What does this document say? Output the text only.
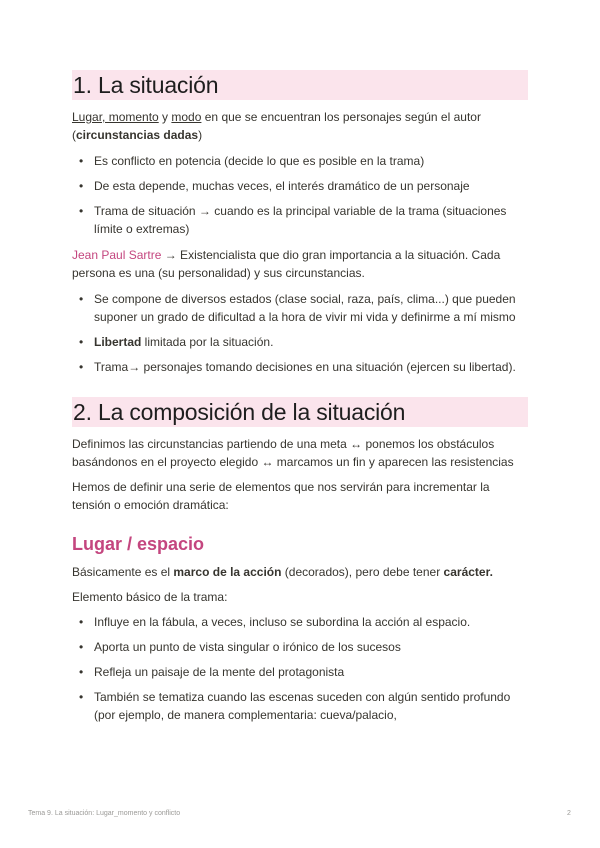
1. La situación

Lugar, momento y modo en que se encuentran los personajes según el autor (circunstancias dadas)

• Es conflicto en potencia (decide lo que es posible en la trama)
• De esta depende, muchas veces, el interés dramático de un personaje
• Trama de situación → cuando es la principal variable de la trama (situaciones límite o extremas)

Jean Paul Sartre → Existencialista que dio gran importancia a la situación. Cada persona es una (su personalidad) y sus circunstancias.

• Se compone de diversos estados (clase social, raza, país, clima...) que pueden suponer un grado de dificultad a la hora de vivir mi vida y definirme a mí mismo
• Libertad limitada por la situación.
• Trama→ personajes tomando decisiones en una situación (ejercen su libertad).
2. La composición de la situación

Definimos las circunstancias partiendo de una meta ↔ ponemos los obstáculos basándonos en el proyecto elegido ↔ marcamos un fin y aparecen las resistencias

Hemos de definir una serie de elementos que nos servirán para incrementar la tensión o emoción dramática:

Lugar / espacio

Básicamente es el marco de la acción (decorados), pero debe tener carácter.

Elemento básico de la trama:

• Influye en la fábula, a veces, incluso se subordina la acción al espacio.
• Aporta un punto de vista singular o irónico de los sucesos
• Refleja un paisaje de la mente del protagonista
• También se tematiza cuando las escenas suceden con algún sentido profundo (por ejemplo, de manera complementaria: cueva/palacio,
Tema 9. La situación: Lugar_momento y conflicto	2
